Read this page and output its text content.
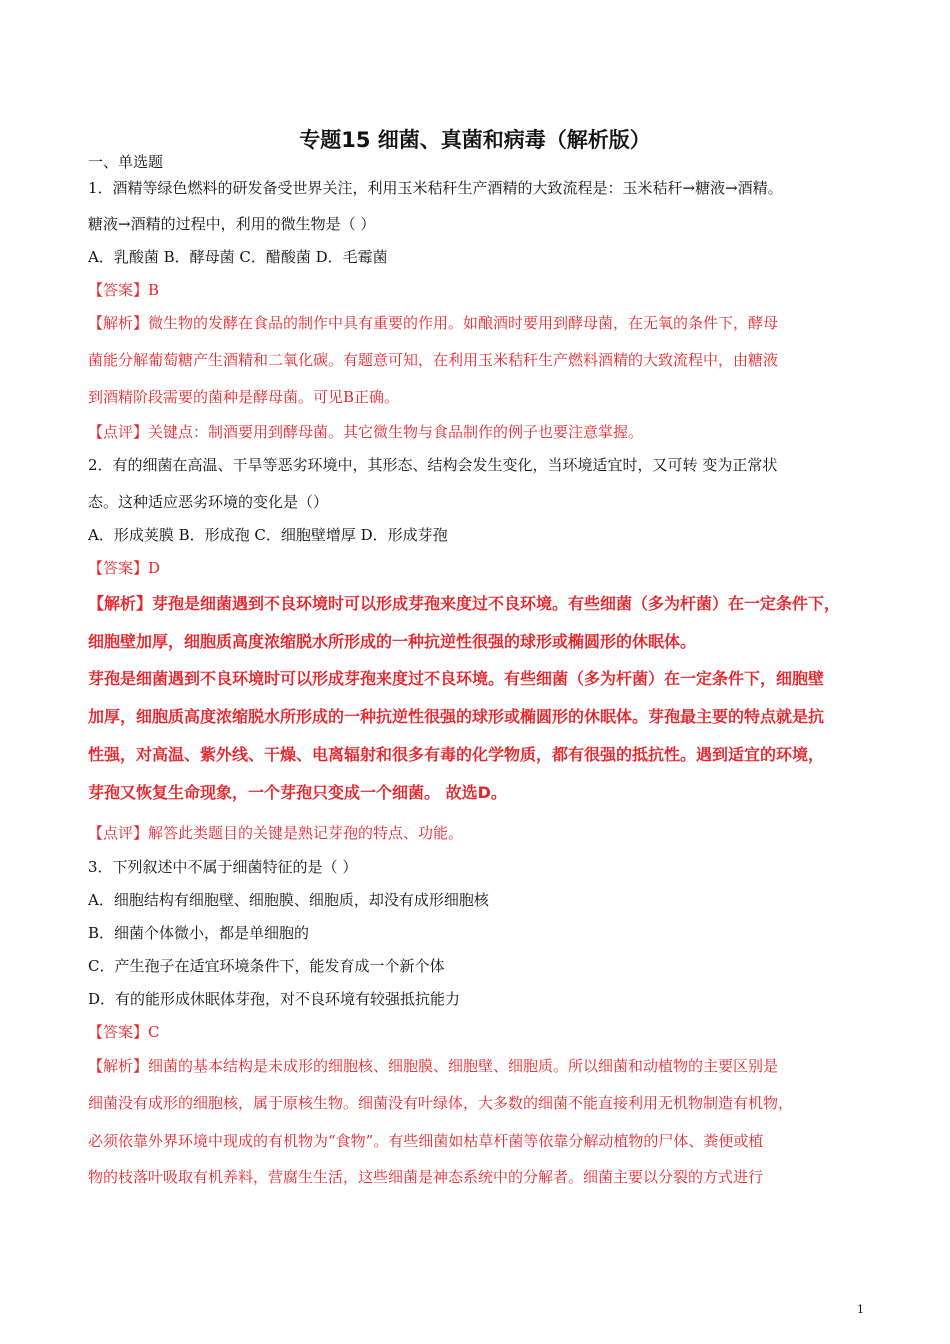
专题15 细菌、真菌和病毒（解析版）
一、单选题
1．酒精等绿色燃料的研发备受世界关注，利用玉米秸秆生产酒精的大致流程是：玉米秸秆→糖液→酒精。
糖液→酒精的过程中，利用的微生物是（ ）
A．乳酸菌 B．酵母菌 C．醋酸菌 D．毛霉菌
【答案】B
【解析】微生物的发酵在食品的制作中具有重要的作用。如酿酒时要用到酵母菌，在无氧的条件下，酵母
菌能分解葡萄糖产生酒精和二氧化碳。有题意可知，在利用玉米秸秆生产燃料酒精的大致流程中，由糖液
到酒精阶段需要的菌种是酵母菌。可见B正确。
【点评】关键点：制酒要用到酵母菌。其它微生物与食品制作的例子也要注意掌握。
2．有的细菌在高温、干旱等恶劣环境中，其形态、结构会发生变化，当环境适宜时，又可转 变为正常状
态。这种适应恶劣环境的变化是（）
A．形成荚膜 B．形成孢 C．细胞壁增厚 D．形成芽孢
【答案】D
【解析】芽孢是细菌遇到不良环境时可以形成芽孢来度过不良环境。有些细菌（多为杆菌）在一定条件下，
细胞壁加厚，细胞质高度浓缩脱水所形成的一种抗逆性很强的球形或椭圆形的休眠体。
芽孢是细菌遇到不良环境时可以形成芽孢来度过不良环境。有些细菌（多为杆菌）在一定条件下，细胞壁
加厚，细胞质高度浓缩脱水所形成的一种抗逆性很强的球形或椭圆形的休眠体。芽孢最主要的特点就是抗
性强，对高温、紫外线、干燥、电离辐射和很多有毒的化学物质，都有很强的抵抗性。遇到适宜的环境，
芽孢又恢复生命现象，一个芽孢只变成一个细菌。 故选D。
【点评】解答此类题目的关键是熟记芽孢的特点、功能。
3．下列叙述中不属于细菌特征的是（ ）
A．细胞结构有细胞壁、细胞膜、细胞质，却没有成形细胞核
B．细菌个体微小，都是单细胞的
C．产生孢子在适宜环境条件下，能发育成一个新个体
D．有的能形成休眠体芽孢，对不良环境有较强抵抗能力
【答案】C
【解析】细菌的基本结构是未成形的细胞核、细胞膜、细胞壁、细胞质。所以细菌和动植物的主要区别是
细菌没有成形的细胞核，属于原核生物。细菌没有叶绿体，大多数的细菌不能直接利用无机物制造有机物，
必须依靠外界环境中现成的有机物为“食物”。有些细菌如枯草杆菌等依靠分解动植物的尸体、粪便或植
物的枝落叶吸取有机养料，营腐生生活，这些细菌是神态系统中的分解者。细菌主要以分裂的方式进行
1
